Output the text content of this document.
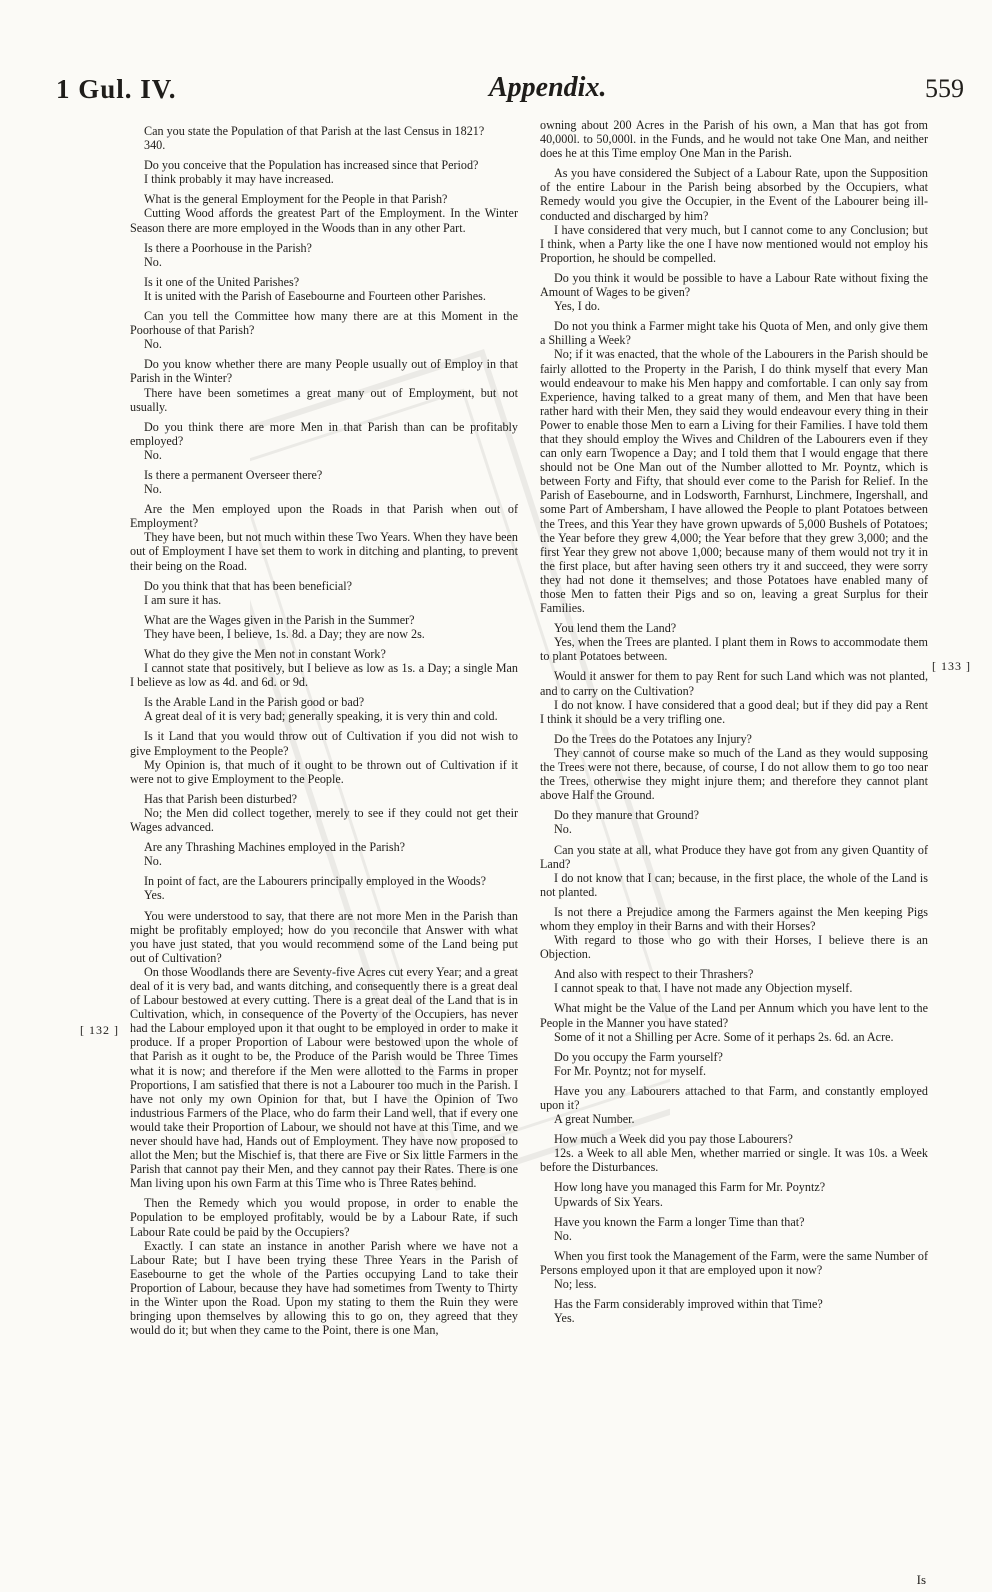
1 Gul. IV.	Appendix.	559

Can you state the Population of that Parish at the last Census in 1821?

340.

Do you conceive that the Population has increased since that Period?

I think probably it may have increased.

What is the general Employment for the People in that Parish?

Cutting Wood affords the greatest Part of the Employment. In the Winter Season there are more employed in the Woods than in any other Part.

Is there a Poorhouse in the Parish?

No.

Is it one of the United Parishes?

It is united with the Parish of Easebourne and Fourteen other Parishes.

Can you tell the Committee how many there are at this Moment in the Poorhouse of that Parish?

No.

Do you know whether there are many People usually out of Employ in that Parish in the Winter?

There have been sometimes a great many out of Employment, but not usually.

Do you think there are more Men in that Parish than can be profitably employed?

No.

Is there a permanent Overseer there?

No.

Are the Men employed upon the Roads in that Parish when out of Employment?

They have been, but not much within these Two Years. When they have been out of Employment I have set them to work in ditching and planting, to prevent their being on the Road.

Do you think that that has been beneficial?

I am sure it has.

What are the Wages given in the Parish in the Summer?

They have been, I believe, 1s. 8d. a Day; they are now 2s.

What do they give the Men not in constant Work?

I cannot state that positively, but I believe as low as 1s. a Day; a single Man I believe as low as 4d. and 6d. or 9d.

Is the Arable Land in the Parish good or bad?

A great deal of it is very bad; generally speaking, it is very thin and cold.

Is it Land that you would throw out of Cultivation if you did not wish to give Employment to the People?

My Opinion is, that much of it ought to be thrown out of Cultivation if it were not to give Employment to the People.

Has that Parish been disturbed?

No; the Men did collect together, merely to see if they could not get their Wages advanced.

Are any Thrashing Machines employed in the Parish?

No.

In point of fact, are the Labourers principally employed in the Woods?

Yes.

You were understood to say, that there are not more Men in the Parish than might be profitably employed; how do you reconcile that Answer with what you have just stated, that you would recommend some of the Land being put out of Cultivation?

On those Woodlands there are Seventy-five Acres cut every Year; and a great deal of it is very bad, and wants ditching, and consequently there is a great deal of Labour bestowed at every cutting. There is a great deal of the Land that is in Cultivation, which, in consequence of the Poverty of the Occupiers, has never had the Labour employed upon it that ought to be employed in order to make it produce. If a proper Proportion of Labour were bestowed upon the whole of that Parish as it ought to be, the Produce of the Parish would be Three Times what it is now; and therefore if the Men were allotted to the Farms in proper Proportions, I am satisfied that there is not a Labourer too much in the Parish. I have not only my own Opinion for that, but I have the Opinion of Two industrious Farmers of the Place, who do farm their Land well, that if every one would take their Proportion of Labour, we should not have at this Time, and we never should have had, Hands out of Employment. They have now proposed to allot the Men; but the Mischief is, that there are Five or Six little Farmers in the Parish that cannot pay their Men, and they cannot pay their Rates. There is one Man living upon his own Farm at this Time who is Three Rates behind.

Then the Remedy which you would propose, in order to enable the Population to be employed profitably, would be by a Labour Rate, if such Labour Rate could be paid by the Occupiers?

Exactly. I can state an instance in another Parish where we have not a Labour Rate; but I have been trying these Three Years in the Parish of Easebourne to get the whole of the Parties occupying Land to take their Proportion of Labour, because they have had sometimes from Twenty to Thirty in the Winter upon the Road. Upon my stating to them the Ruin they were bringing upon themselves by allowing this to go on, they agreed that they would do it; but when they came to the Point, there is one Man,

owning about 200 Acres in the Parish of his own, a Man that has got from 40,000l. to 50,000l. in the Funds, and he would not take One Man, and neither does he at this Time employ One Man in the Parish.

As you have considered the Subject of a Labour Rate, upon the Supposition of the entire Labour in the Parish being absorbed by the Occupiers, what Remedy would you give the Occupier, in the Event of the Labourer being ill-conducted and discharged by him?

I have considered that very much, but I cannot come to any Conclusion; but I think, when a Party like the one I have now mentioned would not employ his Proportion, he should be compelled.

Do you think it would be possible to have a Labour Rate without fixing the Amount of Wages to be given?

Yes, I do.

Do not you think a Farmer might take his Quota of Men, and only give them a Shilling a Week?

No; if it was enacted, that the whole of the Labourers in the Parish should be fairly allotted to the Property in the Parish, I do think myself that every Man would endeavour to make his Men happy and comfortable. I can only say from Experience, having talked to a great many of them, and Men that have been rather hard with their Men, they said they would endeavour every thing in their Power to enable those Men to earn a Living for their Families. I have told them that they should employ the Wives and Children of the Labourers even if they can only earn Twopence a Day; and I told them that I would engage that there should not be One Man out of the Number allotted to Mr. Poyntz, which is between Forty and Fifty, that should ever come to the Parish for Relief. In the Parish of Easebourne, and in Lodsworth, Farnhurst, Linchmere, Ingershall, and some Part of Ambersham, I have allowed the People to plant Potatoes between the Trees, and this Year they have grown upwards of 5,000 Bushels of Potatoes; the Year before they grew 4,000; the Year before that they grew 3,000; and the first Year they grew not above 1,000; because many of them would not try it in the first place, but after having seen others try it and succeed, they were sorry they had not done it themselves; and those Potatoes have enabled many of those Men to fatten their Pigs and so on, leaving a great Surplus for their Families.

You lend them the Land?

Yes, when the Trees are planted. I plant them in Rows to accommodate them to plant Potatoes between.

Would it answer for them to pay Rent for such Land which was not planted, and to carry on the Cultivation?

I do not know. I have considered that a good deal; but if they did pay a Rent I think it should be a very trifling one.

Do the Trees do the Potatoes any Injury?

They cannot of course make so much of the Land as they would supposing the Trees were not there, because, of course, I do not allow them to go too near the Trees, otherwise they might injure them; and therefore they cannot plant above Half the Ground.

Do they manure that Ground?

No.

Can you state at all, what Produce they have got from any given Quantity of Land?

I do not know that I can; because, in the first place, the whole of the Land is not planted.

Is not there a Prejudice among the Farmers against the Men keeping Pigs whom they employ in their Barns and with their Horses?

With regard to those who go with their Horses, I believe there is an Objection.

And also with respect to their Thrashers?

I cannot speak to that. I have not made any Objection myself.

What might be the Value of the Land per Annum which you have lent to the People in the Manner you have stated?

Some of it not a Shilling per Acre. Some of it perhaps 2s. 6d. an Acre.

Do you occupy the Farm yourself?

For Mr. Poyntz; not for myself.

Have you any Labourers attached to that Farm, and constantly employed upon it?

A great Number.

How much a Week did you pay those Labourers?

12s. a Week to all able Men, whether married or single. It was 10s. a Week before the Disturbances.

How long have you managed this Farm for Mr. Poyntz?

Upwards of Six Years.

Have you known the Farm a longer Time than that?

No.

When you first took the Management of the Farm, were the same Number of Persons employed upon it that are employed upon it now?

No; less.

Has the Farm considerably improved within that Time?

Yes.

[ 132 ]
[ 133 ]
Is
